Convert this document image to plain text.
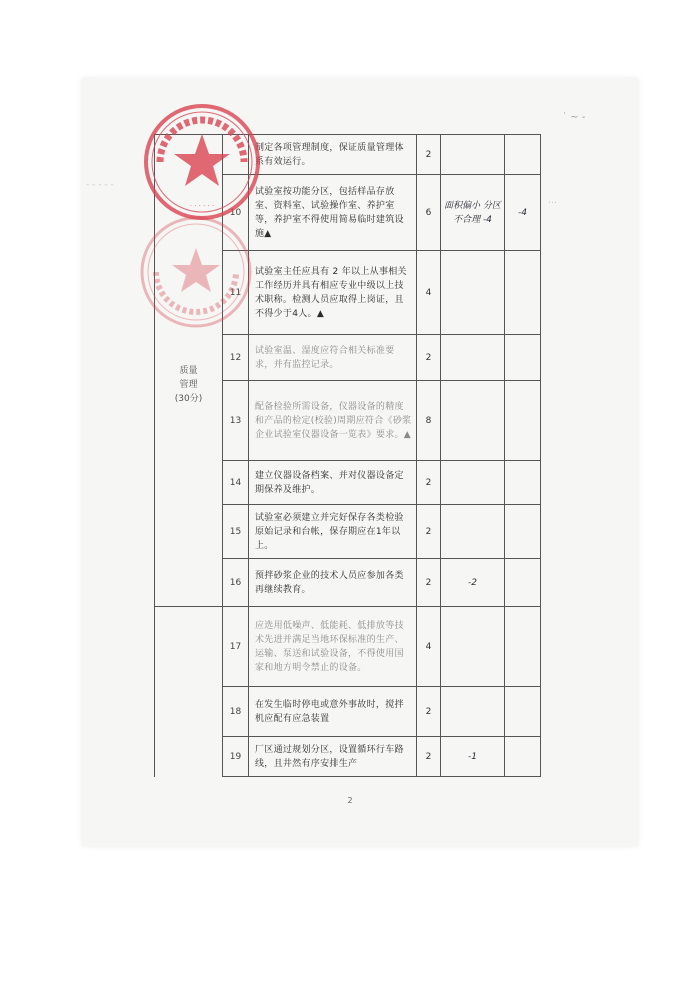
˙ ~ -
- - - - -
…
质量管理
(30分)		制定各项管理制度，保证质量管理体系有效运行。	2		
	10	试验室按功能分区，包括样品存放室、资料室、试验操作室、养护室等，养护室不得使用简易临时建筑设施▲	6	面积偏小 分区不合理 -4	-4
	11	试验室主任应具有 2 年以上从事相关工作经历并具有相应专业中级以上技术职称。检测人员应取得上岗证，且不得少于4人。▲	4		
	12	试验室温、湿度应符合相关标准要求，并有监控记录。	2		
	13	配备检验所需设备，仪器设备的精度和产品的检定(校验)周期应符合《砂浆企业试验室仪器设备一览表》要求。▲	8		
	14	建立仪器设备档案、并对仪器设备定期保养及维护。	2		
	15	试验室必须建立并完好保存各类检验原始记录和台帐，保存期应在1年以上。	2		
	16	预拌砂浆企业的技术人员应参加各类再继续教育。	2	-2	
	17	应选用低噪声、低能耗、低排放等技术先进并满足当地环保标准的生产、运输、泵送和试验设备，不得使用国家和地方明令禁止的设备。	4		
	18	在发生临时停电或意外事故时，搅拌机应配有应急装置	2		
	19	厂区通过规划分区，设置循环行车路线，且井然有序安排生产	2	-1	
· · · · · ·
2
